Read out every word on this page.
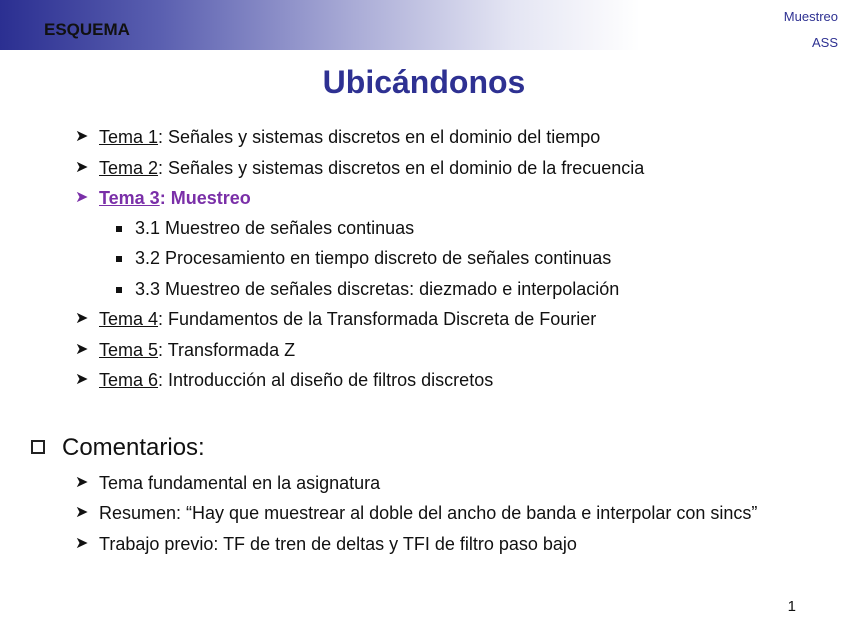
ESQUEMA
Muestreo
ASS
Ubicándonos
➤ Tema 1: Señales y sistemas discretos en el dominio del tiempo
➤ Tema 2: Señales y sistemas discretos en el dominio de la frecuencia
➤ Tema 3: Muestreo
3.1 Muestreo de señales continuas
3.2 Procesamiento en tiempo discreto de señales continuas
3.3 Muestreo de señales discretas: diezmado e interpolación
➤ Tema 4: Fundamentos de la Transformada Discreta de Fourier
➤ Tema 5: Transformada Z
➤ Tema 6: Introducción al diseño de filtros discretos
Comentarios:
➤ Tema fundamental en la asignatura
➤ Resumen: “Hay que muestrear al doble del ancho de banda e interpolar con sincs”
➤ Trabajo previo: TF de tren de deltas y TFI de filtro paso bajo
1
